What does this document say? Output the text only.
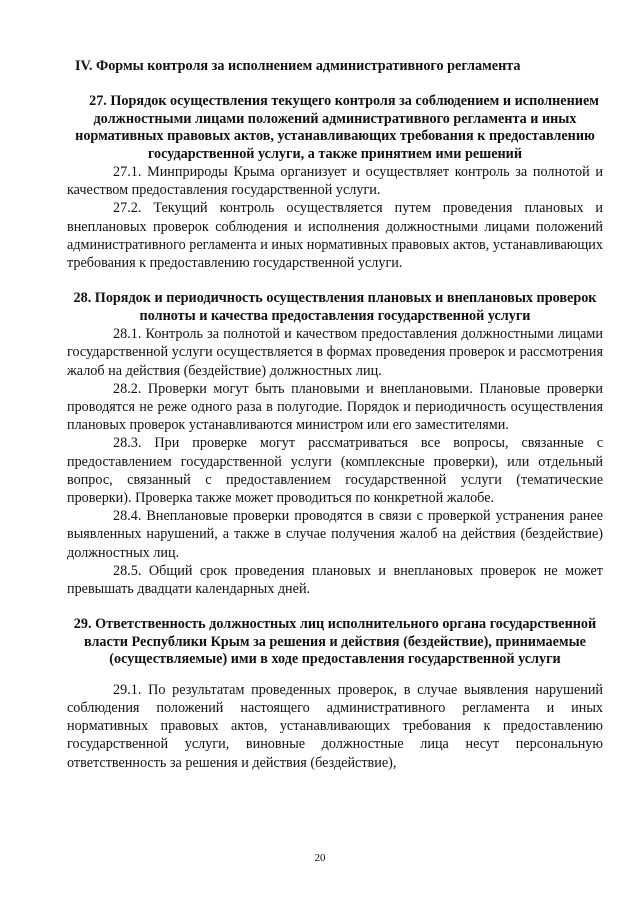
IV. Формы контроля за исполнением административного регламента

27. Порядок осуществления текущего контроля за соблюдением и исполнением должностными лицами положений административного регламента и иных нормативных правовых актов, устанавливающих требования к предоставлению государственной услуги, а также принятием ими решений

27.1. Минприроды Крыма организует и осуществляет контроль за полнотой и качеством предоставления государственной услуги.

27.2. Текущий контроль осуществляется путем проведения плановых и внеплановых проверок соблюдения и исполнения должностными лицами положений административного регламента и иных нормативных правовых актов, устанавливающих требования к предоставлению государственной услуги.

28. Порядок и периодичность осуществления плановых и внеплановых проверок полноты и качества предоставления государственной услуги

28.1. Контроль за полнотой и качеством предоставления должностными лицами государственной услуги осуществляется в формах проведения проверок и рассмотрения жалоб на действия (бездействие) должностных лиц.

28.2. Проверки могут быть плановыми и внеплановыми. Плановые проверки проводятся не реже одного раза в полугодие. Порядок и периодичность осуществления плановых проверок устанавливаются министром или его заместителями.

28.3. При проверке могут рассматриваться все вопросы, связанные с предоставлением государственной услуги (комплексные проверки), или отдельный вопрос, связанный с предоставлением государственной услуги (тематические проверки). Проверка также может проводиться по конкретной жалобе.

28.4. Внеплановые проверки проводятся в связи с проверкой устранения ранее выявленных нарушений, а также в случае получения жалоб на действия (бездействие) должностных лиц.

28.5. Общий срок проведения плановых и внеплановых проверок не может превышать двадцати календарных дней.

29. Ответственность должностных лиц исполнительного органа государственной власти Республики Крым за решения и действия (бездействие), принимаемые (осуществляемые) ими в ходе предоставления государственной услуги

29.1. По результатам проведенных проверок, в случае выявления нарушений соблюдения положений настоящего административного регламента и иных нормативных правовых актов, устанавливающих требования к предоставлению государственной услуги, виновные должностные лица несут персональную ответственность за решения и действия (бездействие),

20
